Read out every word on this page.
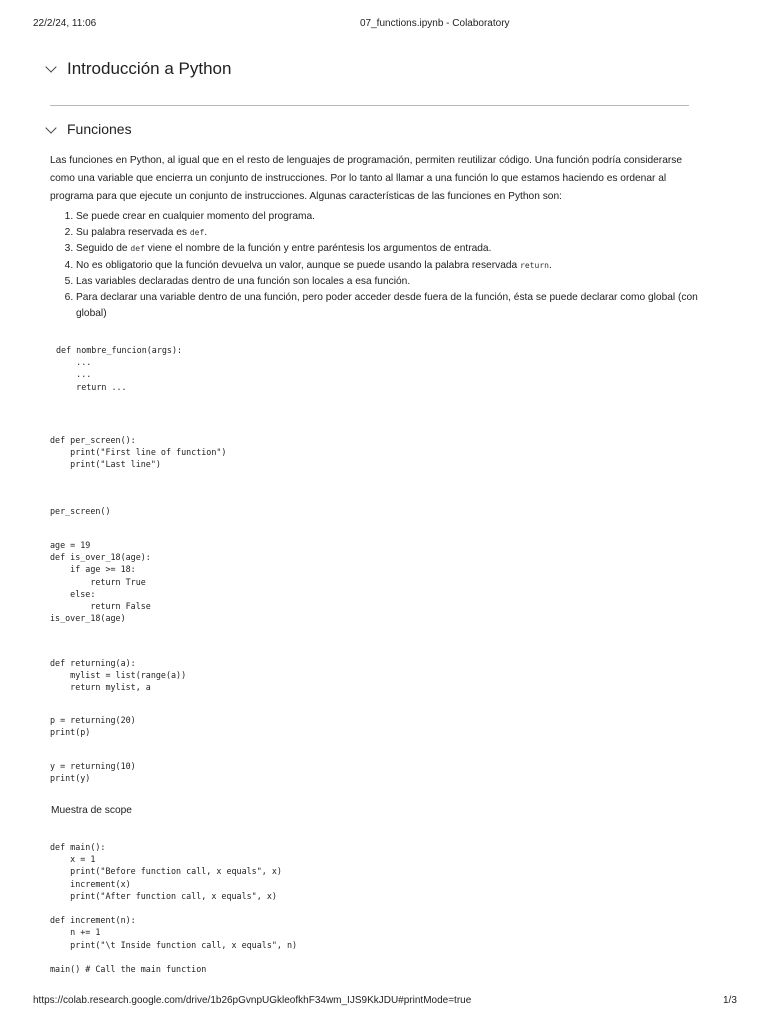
22/2/24, 11:06	07_functions.ipynb - Colaboratory
Introducción a Python
Funciones
Las funciones en Python, al igual que en el resto de lenguajes de programación, permiten reutilizar código. Una función podría considerarse
como una variable que encierra un conjunto de instrucciones. Por lo tanto al llamar a una función lo que estamos haciendo es ordenar al
programa para que ejecute un conjunto de instrucciones. Algunas características de las funciones en Python son:
1. Se puede crear en cualquier momento del programa.
2. Su palabra reservada es def.
3. Seguido de def viene el nombre de la función y entre paréntesis los argumentos de entrada.
4. No es obligatorio que la función devuelva un valor, aunque se puede usando la palabra reservada return.
5. Las variables declaradas dentro de una función son locales a esa función.
6. Para declarar una variable dentro de una función, pero poder acceder desde fuera de la función, ésta se puede declarar como global (con global)
def nombre_funcion(args):
...
...
return ...
def per_screen():
print("First line of function")
print("Last line")
per_screen()
age = 19
def is_over_18(age):
if age >= 18:
return True
else:
return False
is_over_18(age)
def returning(a):
mylist = list(range(a))
return mylist, a
p = returning(20)
print(p)
y = returning(10)
print(y)
Muestra de scope
def main():
x = 1
print("Before function call, x equals", x)
increment(x)
print("After function call, x equals", x)

def increment(n):
n += 1
print("\t Inside function call, x equals", n)

main() # Call the main function
https://colab.research.google.com/drive/1b26pGvnpUGkleofkhF34wm_IJS9KkJDU#printMode=true	1/3
